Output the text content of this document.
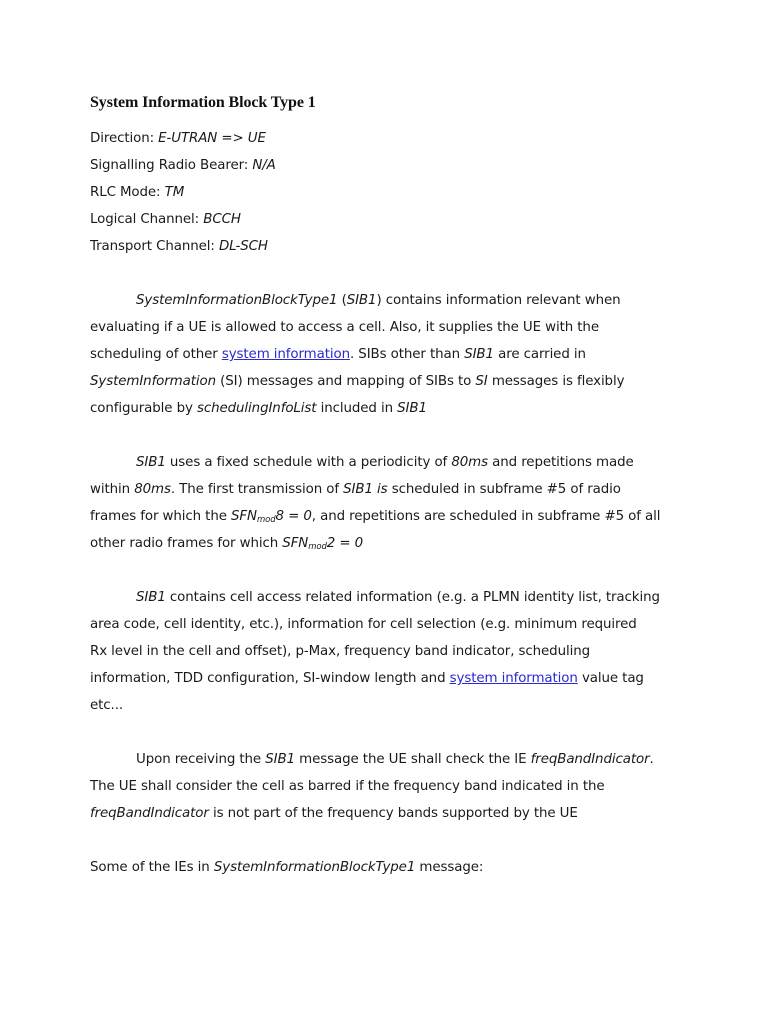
System Information Block Type 1
Direction: E-UTRAN => UE
Signalling Radio Bearer: N/A
RLC Mode: TM
Logical Channel: BCCH
Transport Channel: DL-SCH
SystemInformationBlockType1 (SIB1) contains information relevant when
evaluating if a UE is allowed to access a cell. Also, it supplies the UE with the
scheduling of other system information. SIBs other than SIB1 are carried in
SystemInformation (SI) messages and mapping of SIBs to SI messages is flexibly
configurable by schedulingInfoList included in SIB1
SIB1 uses a fixed schedule with a periodicity of 80ms and repetitions made
within 80ms. The first transmission of SIB1 is scheduled in subframe #5 of radio
frames for which the $SFN_{mod}8 = 0$, and repetitions are scheduled in subframe #5 of all
other radio frames for which $SFN_{mod}2 = 0$
SIB1 contains cell access related information (e.g. a PLMN identity list, tracking
area code, cell identity, etc.), information for cell selection (e.g. minimum required
Rx level in the cell and offset), p-Max, frequency band indicator, scheduling
information, TDD configuration, SI-window length and system information value tag
etc...
Upon receiving the SIB1 message the UE shall check the IE freqBandIndicator.
The UE shall consider the cell as barred if the frequency band indicated in the
freqBandIndicator is not part of the frequency bands supported by the UE
Some of the IEs in SystemInformationBlockType1 message:
